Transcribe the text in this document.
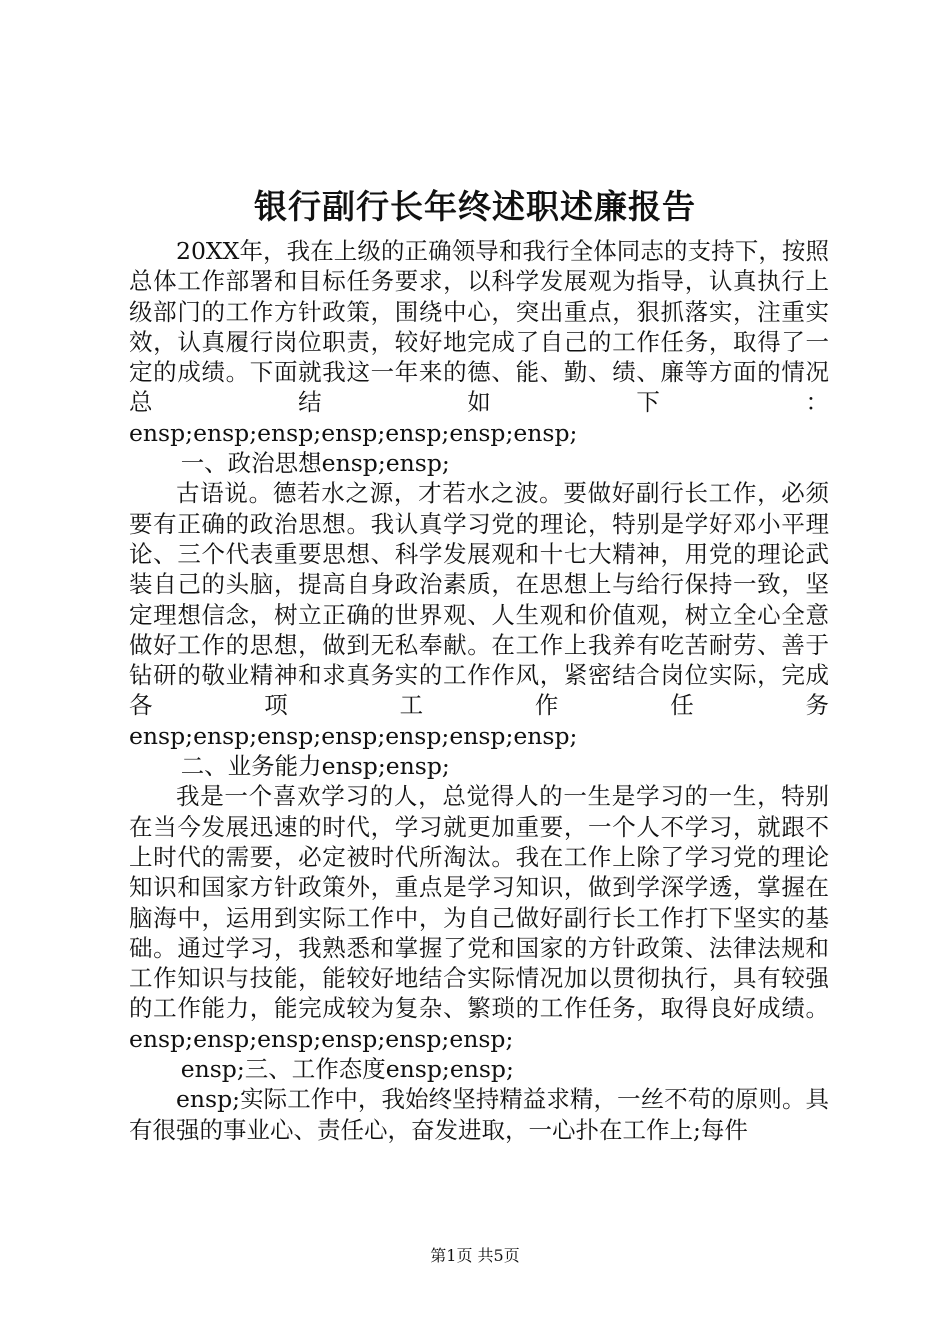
银行副行长年终述职述廉报告

20XX年，我在上级的正确领导和我行全体同志的支持下，按照总体工作部署和目标任务要求，以科学发展观为指导，认真执行上级部门的工作方针政策，围绕中心，突出重点，狠抓落实，注重实效，认真履行岗位职责，较好地完成了自己的工作任务，取得了一定的成绩。下面就我这一年来的德、能、勤、绩、廉等方面的情况总结如下：

ensp;ensp;ensp;ensp;ensp;ensp;ensp;

一、政治思想ensp;ensp;

古语说。德若水之源，才若水之波。要做好副行长工作，必须要有正确的政治思想。我认真学习党的理论，特别是学好邓小平理论、三个代表重要思想、科学发展观和十七大精神，用党的理论武装自己的头脑，提高自身政治素质，在思想上与给行保持一致，坚定理想信念，树立正确的世界观、人生观和价值观，树立全心全意做好工作的思想，做到无私奉献。在工作上我养有吃苦耐劳、善于钻研的敬业精神和求真务实的工作作风，紧密结合岗位实际，完成各项工作任务

ensp;ensp;ensp;ensp;ensp;ensp;ensp;

二、业务能力ensp;ensp;

我是一个喜欢学习的人，总觉得人的一生是学习的一生，特别在当今发展迅速的时代，学习就更加重要，一个人不学习，就跟不上时代的需要，必定被时代所淘汰。我在工作上除了学习党的理论知识和国家方针政策外，重点是学习知识，做到学深学透，掌握在脑海中，运用到实际工作中，为自己做好副行长工作打下坚实的基础。通过学习，我熟悉和掌握了党和国家的方针政策、法律法规和工作知识与技能，能较好地结合实际情况加以贯彻执行，具有较强的工作能力，能完成较为复杂、繁琐的工作任务，取得良好成绩。

ensp;ensp;ensp;ensp;ensp;ensp;

ensp;三、工作态度ensp;ensp;

ensp;实际工作中，我始终坚持精益求精，一丝不苟的原则。具有很强的事业心、责任心，奋发进取，一心扑在工作上;每件

第1页 共5页
